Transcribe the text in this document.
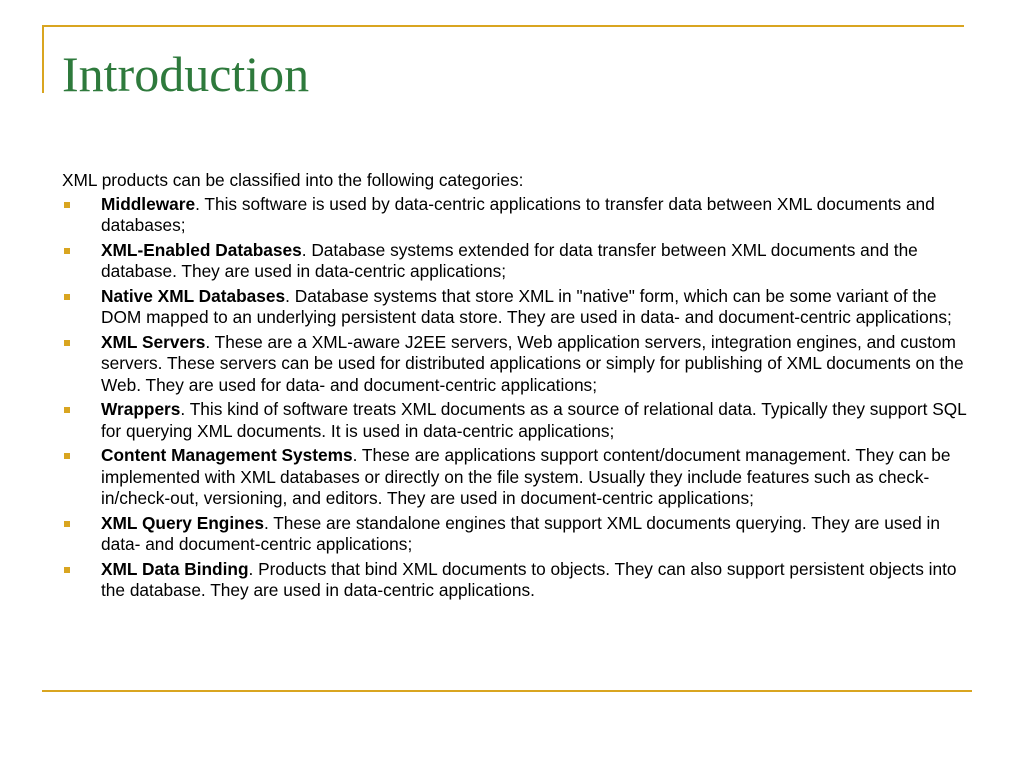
Introduction

XML products can be classified into the following categories:

Middleware. This software is used by data-centric applications to transfer data between XML documents and databases;
XML-Enabled Databases. Database systems extended for data transfer between XML documents and the database. They are used in data-centric applications;
Native XML Databases. Database systems that store XML in "native" form, which can be some variant of the DOM mapped to an underlying persistent data store. They are used in data- and document-centric applications;
XML Servers. These are a XML-aware J2EE servers, Web application servers, integration engines, and custom servers. These servers can be used for distributed applications or simply for publishing of XML documents on the Web. They are used for data- and document-centric applications;
Wrappers. This kind of software treats XML documents as a source of relational data. Typically they support SQL for querying XML documents. It is used in data-centric applications;
Content Management Systems. These are applications support content/document management. They can be implemented with XML databases or directly on the file system. Usually they include features such as check-in/check-out, versioning, and editors. They are used in document-centric applications;
XML Query Engines. These are standalone engines that support XML documents querying. They are used in data- and document-centric applications;
XML Data Binding. Products that bind XML documents to objects. They can also support persistent objects into the database. They are used in data-centric applications.
